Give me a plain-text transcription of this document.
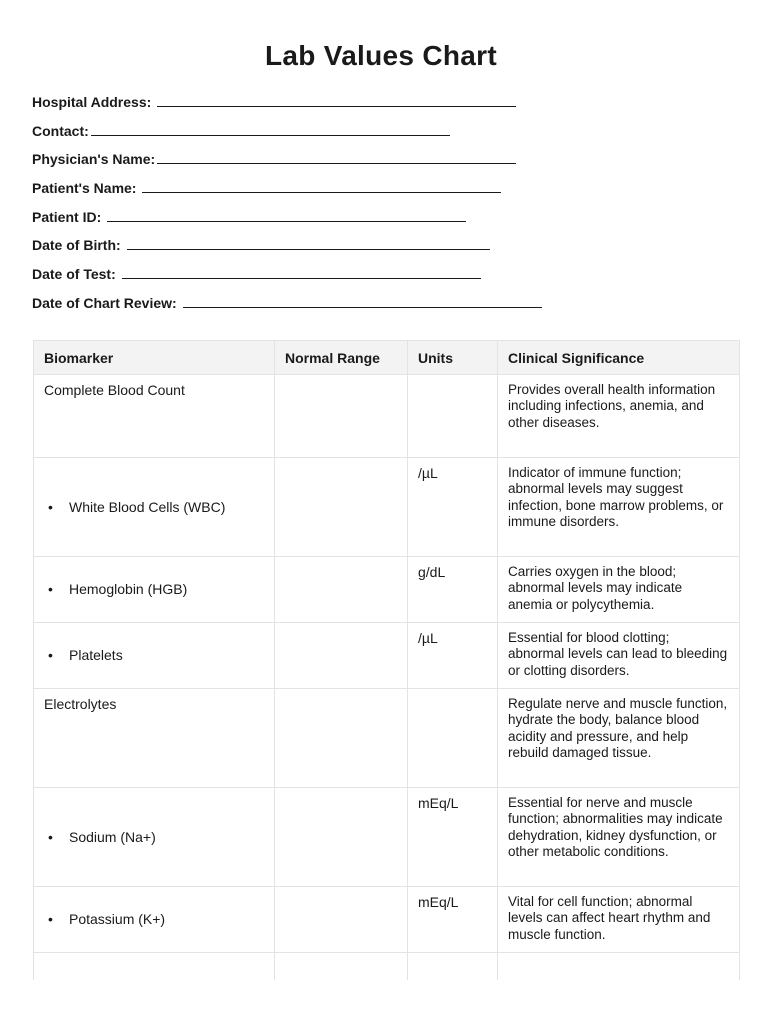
Lab Values Chart
Hospital Address:
Contact:
Physician's Name:
Patient's Name:
Patient ID:
Date of Birth:
Date of Test:
Date of Chart Review:
Biomarker	Normal Range	Units	Clinical Significance
Complete Blood Count			Provides overall health information including infections, anemia, and other diseases.
• White Blood Cells (WBC)		/µL	Indicator of immune function; abnormal levels may suggest infection, bone marrow problems, or immune disorders.
• Hemoglobin (HGB)		g/dL	Carries oxygen in the blood; abnormal levels may indicate anemia or polycythemia.
• Platelets		/µL	Essential for blood clotting; abnormal levels can lead to bleeding or clotting disorders.
Electrolytes			Regulate nerve and muscle function, hydrate the body, balance blood acidity and pressure, and help rebuild damaged tissue.
• Sodium (Na+)		mEq/L	Essential for nerve and muscle function; abnormalities may indicate dehydration, kidney dysfunction, or other metabolic conditions.
• Potassium (K+)		mEq/L	Vital for cell function; abnormal levels can affect heart rhythm and muscle function.
